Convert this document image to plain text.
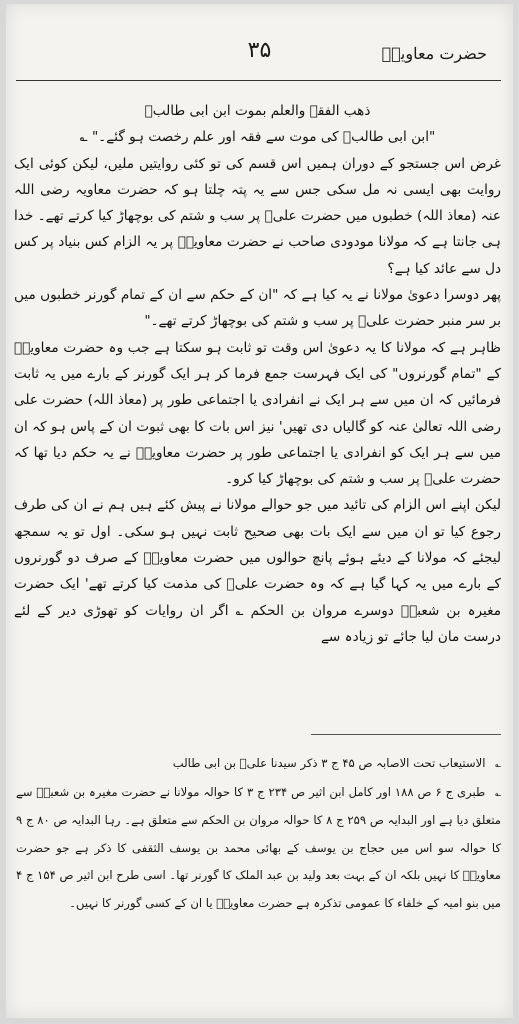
حضرت معاویہؓ
۳۵

ذھب الفقہ والعلم بموت ابن ابی طالبؓ

"ابن ابی طالبؓ کی موت سے فقہ اور علم رخصت ہو گئے۔" ؎

غرض اس جستجو کے دوران ہمیں اس قسم کی تو کئی روایتیں ملیں، لیکن کوئی ایک روایت بھی ایسی نہ مل سکی جس سے یہ پتہ چلتا ہو کہ حضرت معاویہ رضی اللہ عنہ (معاذ اللہ) خطبوں میں حضرت علیؓ پر سب و شتم کی بوچھاڑ کیا کرتے تھے۔ خدا ہی جانتا ہے کہ مولانا مودودی صاحب نے حضرت معاویہؓ پر یہ الزام کس بنیاد پر کس دل سے عائد کیا ہے؟

پھر دوسرا دعویٰ مولانا نے یہ کیا ہے کہ "ان کے حکم سے ان کے تمام گورنر خطبوں میں بر سر منبر حضرت علیؓ پر سب و شتم کی بوچھاڑ کرتے تھے۔"

ظاہر ہے کہ مولانا کا یہ دعویٰ اس وقت تو ثابت ہو سکتا ہے جب وہ حضرت معاویہؓ کے "تمام گورنروں" کی ایک فہرست جمع فرما کر ہر ایک گورنر کے بارے میں یہ ثابت فرمائیں کہ ان میں سے ہر ایک نے انفرادی یا اجتماعی طور پر (معاذ اللہ) حضرت علی رضی اللہ تعالیٰ عنہ کو گالیاں دی تھیں' نیز اس بات کا بھی ثبوت ان کے پاس ہو کہ ان میں سے ہر ایک کو انفرادی یا اجتماعی طور پر حضرت معاویہؓ نے یہ حکم دیا تھا کہ حضرت علیؓ پر سب و شتم کی بوچھاڑ کیا کرو۔

لیکن اپنے اس الزام کی تائید میں جو حوالے مولانا نے پیش کئے ہیں ہم نے ان کی طرف رجوع کیا تو ان میں سے ایک بات بھی صحیح ثابت نہیں ہو سکی۔ اول تو یہ سمجھ لیجئے کہ مولانا کے دیئے ہوئے پانچ حوالوں میں حضرت معاویہؓ کے صرف دو گورنروں کے بارے میں یہ کہا گیا ہے کہ وہ حضرت علیؓ کی مذمت کیا کرتے تھے' ایک حضرت مغیرہ بن شعبہؓ دوسرے مروان بن الحکم ؎ اگر ان روایات کو تھوڑی دیر کے لئے درست مان لیا جائے تو زیادہ سے

؎ الاستیعاب تحت الاصابہ ص ۴۵ ج ۳ ذکر سیدنا علیؓ بن ابی طالب

؎ طبری ج ۶ ص ۱۸۸ اور کامل ابن اثیر ص ۲۳۴ ج ۳ کا حوالہ مولانا نے حضرت مغیرہ بن شعبہؓ سے متعلق دیا ہے اور البدایہ ص ۲۵۹ ج ۸ کا حوالہ مروان بن الحکم سے متعلق ہے۔ رہا البدایہ ص ۸۰ ج ۹ کا حوالہ سو اس میں حجاج بن یوسف کے بھائی محمد بن یوسف الثقفی کا ذکر ہے جو حضرت معاویہؓ کا نہیں بلکہ ان کے بہت بعد ولید بن عبد الملک کا گورنر تھا۔ اسی طرح ابن اثیر ص ۱۵۴ ج ۴ میں بنو امیہ کے خلفاء کا عمومی تذکرہ ہے حضرت معاویہؓ یا ان کے کسی گورنر کا نہیں۔
